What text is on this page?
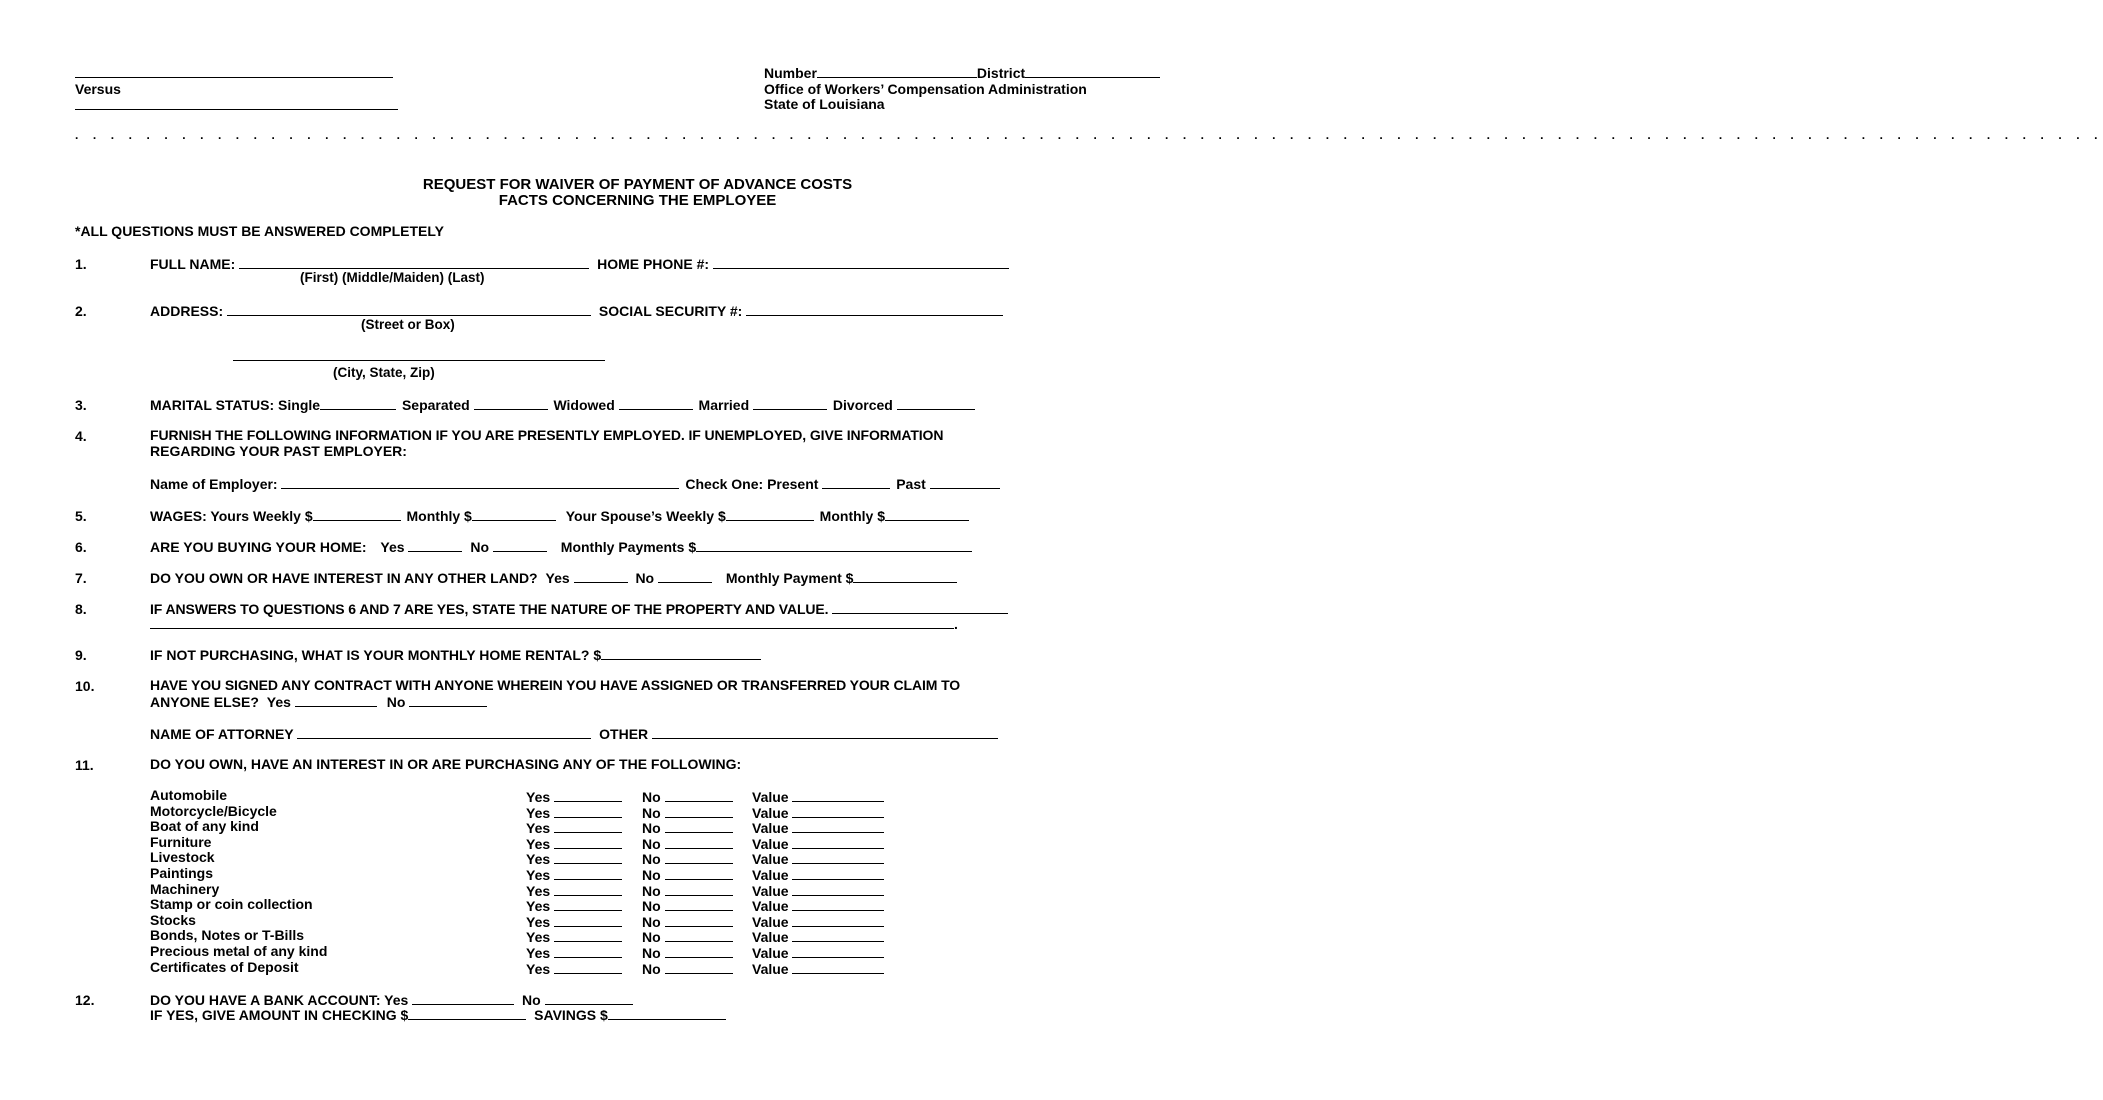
Versus
Number	District
Office of Workers’ Compensation Administration
State of Louisiana
. . . . . . . . . . . . . . . . . . . . . . . . . . . . . . . . . . . . . . . . . . . . . . . . . . . . . . . . . . . . . . . . . . . . . . . . . . . . . . . . . . . . . . . . . . . . . . . . . . . . . . . . . . . . . . . . . .
REQUEST FOR WAIVER OF PAYMENT OF ADVANCE COSTS
FACTS CONCERNING THE EMPLOYEE
*ALL QUESTIONS MUST BE ANSWERED COMPLETELY
1.	FULL NAME:	HOME PHONE #:
(First) (Middle/Maiden) (Last)
2.	ADDRESS:	SOCIAL SECURITY #:
(Street or Box)
(City, State, Zip)
3.	MARITAL STATUS: Single	Separated	Widowed	Married	Divorced
4.	FURNISH THE FOLLOWING INFORMATION IF YOU ARE PRESENTLY EMPLOYED. IF UNEMPLOYED, GIVE INFORMATION
REGARDING YOUR PAST EMPLOYER:
Name of Employer:	Check One: Present	Past
5.	WAGES: Yours Weekly $	Monthly $	Your Spouse’s Weekly $	Monthly $
6.	ARE YOU BUYING YOUR HOME: Yes	No	Monthly Payments $
7.	DO YOU OWN OR HAVE INTEREST IN ANY OTHER LAND? Yes	No	Monthly Payment $
8.	IF ANSWERS TO QUESTIONS 6 AND 7 ARE YES, STATE THE NATURE OF THE PROPERTY AND VALUE.
.
9.	IF NOT PURCHASING, WHAT IS YOUR MONTHLY HOME RENTAL? $
10.	HAVE YOU SIGNED ANY CONTRACT WITH ANYONE WHEREIN YOU HAVE ASSIGNED OR TRANSFERRED YOUR CLAIM TO
ANYONE ELSE? Yes	No
NAME OF ATTORNEY	OTHER
11.	DO YOU OWN, HAVE AN INTEREST IN OR ARE PURCHASING ANY OF THE FOLLOWING:
Automobile	Yes	No	Value
Motorcycle/Bicycle	Yes	No	Value
Boat of any kind	Yes	No	Value
Furniture	Yes	No	Value
Livestock	Yes	No	Value
Paintings	Yes	No	Value
Machinery	Yes	No	Value
Stamp or coin collection	Yes	No	Value
Stocks	Yes	No	Value
Bonds, Notes or T-Bills	Yes	No	Value
Precious metal of any kind	Yes	No	Value
Certificates of Deposit	Yes	No	Value
12.	DO YOU HAVE A BANK ACCOUNT: Yes	No
IF YES, GIVE AMOUNT IN CHECKING $	SAVINGS $
